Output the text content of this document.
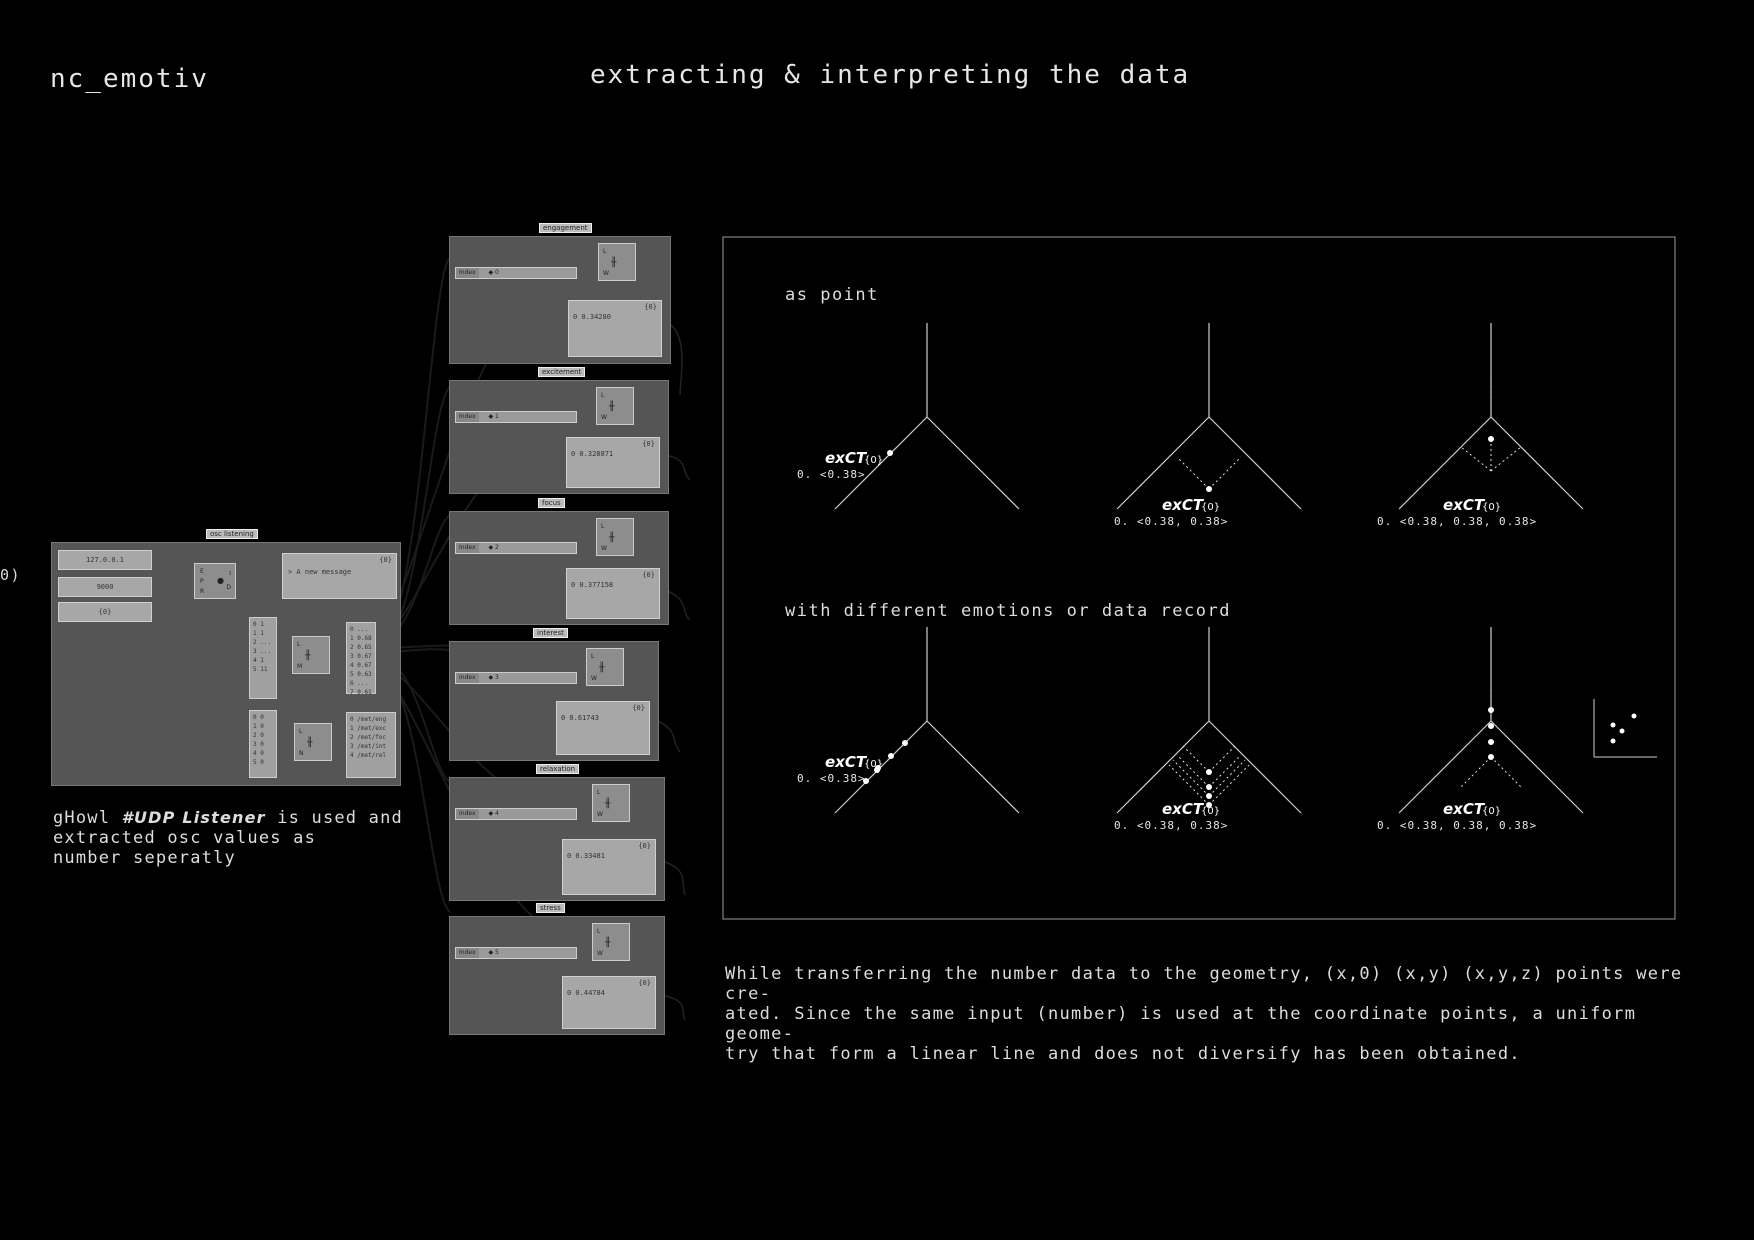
nc_emotiv	extracting & interpreting the data
0)
osc listening
127.0.0.1
9000
{0}
E
P
R
●
I
D
{0}
> A new message
0 1
1 1
2 ...
3 ...
4 1
5 11
L
╫
M
0 ...
1 0.68
2 0.65
3 0.67
4 0.67
5 0.63
6 ...
7 0.61
0 0
1 0
2 0
3 0
4 0
5 0
L
╫
N
0 /met/eng
1 /met/exc
2 /met/foc
3 /met/int
4 /met/rel
gHowl #UDP Listener is used and
extracted osc values as
number seperatly
Index ◆ 0
L
╫
W
{0}
0 0.34280
engagement
Index ◆ 1
L
╫
W
{0}
0 0.328871
excitement
Index ◆ 2
L
╫
W
{0}
0 0.377158
focus
Index ◆ 3
L
╫
W
{0}
0 0.61743
interest
Index ◆ 4
L
╫
W
{0}
0 0.33481
relaxation
Index ◆ 5
L
╫
W
{0}
0 0.44784
stress
as point
with different emotions or data record
exCT
{0}
0. <0.38>
exCT
{0}
0. <0.38, 0.38>
exCT
{0}
0. <0.38, 0.38, 0.38>
exCT
{0}
0. <0.38>
exCT
{0}
0. <0.38, 0.38>
exCT
{0}
0. <0.38, 0.38, 0.38>
While transferring the number data to the geometry, (x,0) (x,y) (x,y,z) points were cre-
ated. Since the same input (number) is used at the coordinate points, a uniform geome-
try that form a linear line and does not diversify has been obtained.
